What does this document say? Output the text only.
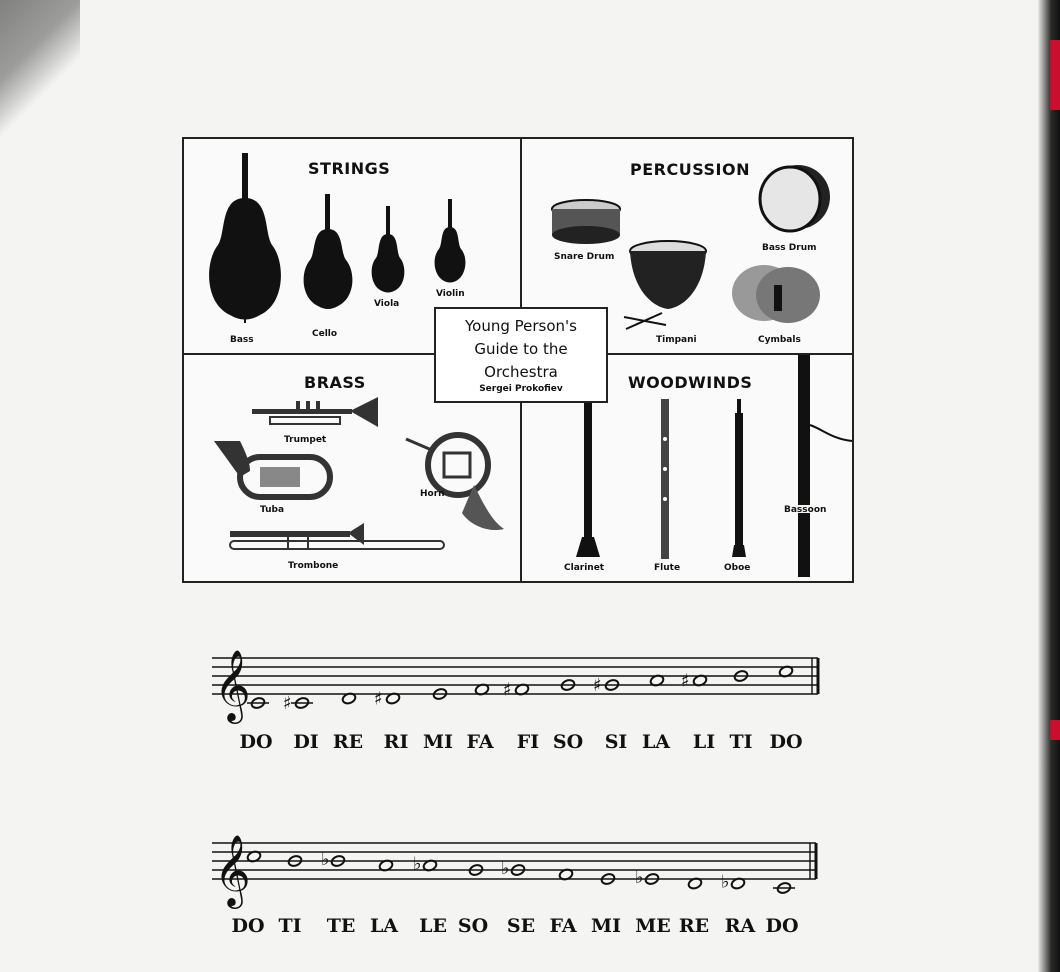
STRINGS
Bass
Cello
Viola
Violin
PERCUSSION
Snare Drum
Timpani
Bass Drum
Cymbals
BRASS
Trumpet
Tuba
Horn
Trombone
WOODWINDS
Clarinet	Flute	Oboe
Bassoon
Young Person's
Guide to the
Orchestra
Sergei Prokofiev
𝄞 ♯	♯	♯	♯	♯
𝄞	♭	♭	♭	♭	♭
DO DI RE RI MI FA FI SO SI LA LI TI DO
DO TI TE LA LE SO SE FA MI ME RE RA DO
